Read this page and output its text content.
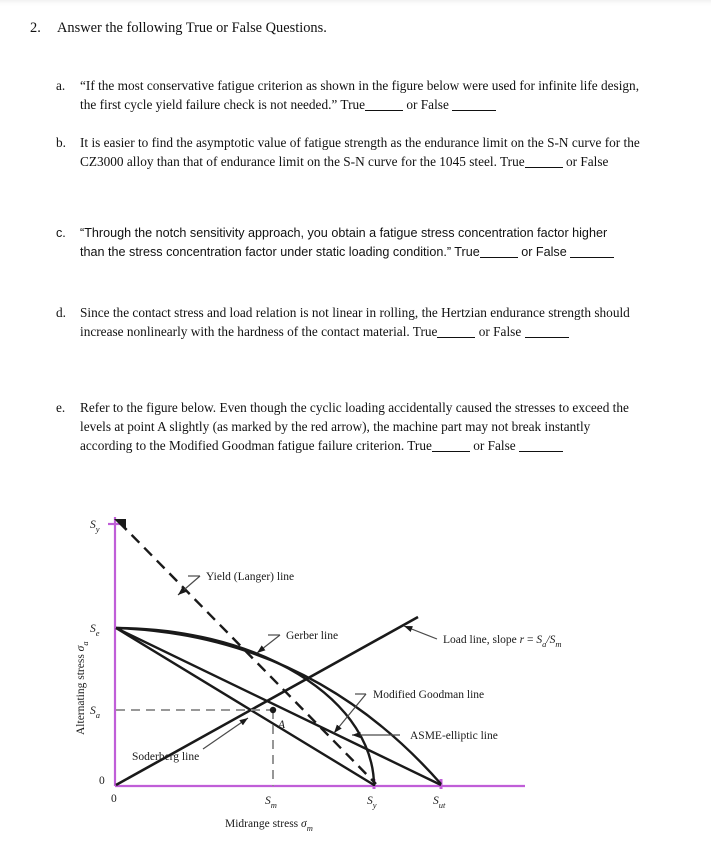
2. Answer the following True or False Questions.
a.	“If the most conservative fatigue criterion as shown in the figure below were used for infinite life design, the first cycle yield failure check is not needed.” True	or False
b.	It is easier to find the asymptotic value of fatigue strength as the endurance limit on the S-N curve for the CZ3000 alloy than that of endurance limit on the S-N curve for the 1045 steel. True	or False
c.	“Through the notch sensitivity approach, you obtain a fatigue stress concentration factor higher than the stress concentration factor under static loading condition.” True	or False
d.	Since the contact stress and load relation is not linear in rolling, the Hertzian endurance strength should increase nonlinearly with the hardness of the contact material. True	or False
e.	Refer to the figure below. Even though the cyclic loading accidentally caused the stresses to exceed the levels at point A slightly (as marked by the red arrow), the machine part may not break instantly according to the Modified Goodman fatigue failure criterion. True	or False
$S_y$
$S_e$
$S_a$
0
0	$S_m$	$S_y$	$S_{ut}$
Midrange stress $\sigma_m$
Alternating stress $\sigma_a$
Yield (Langer) line
Gerber line	Load line, slope $r = S_a/S_m$
Modified Goodman line
ASME-elliptic line
Soderberg line
A
